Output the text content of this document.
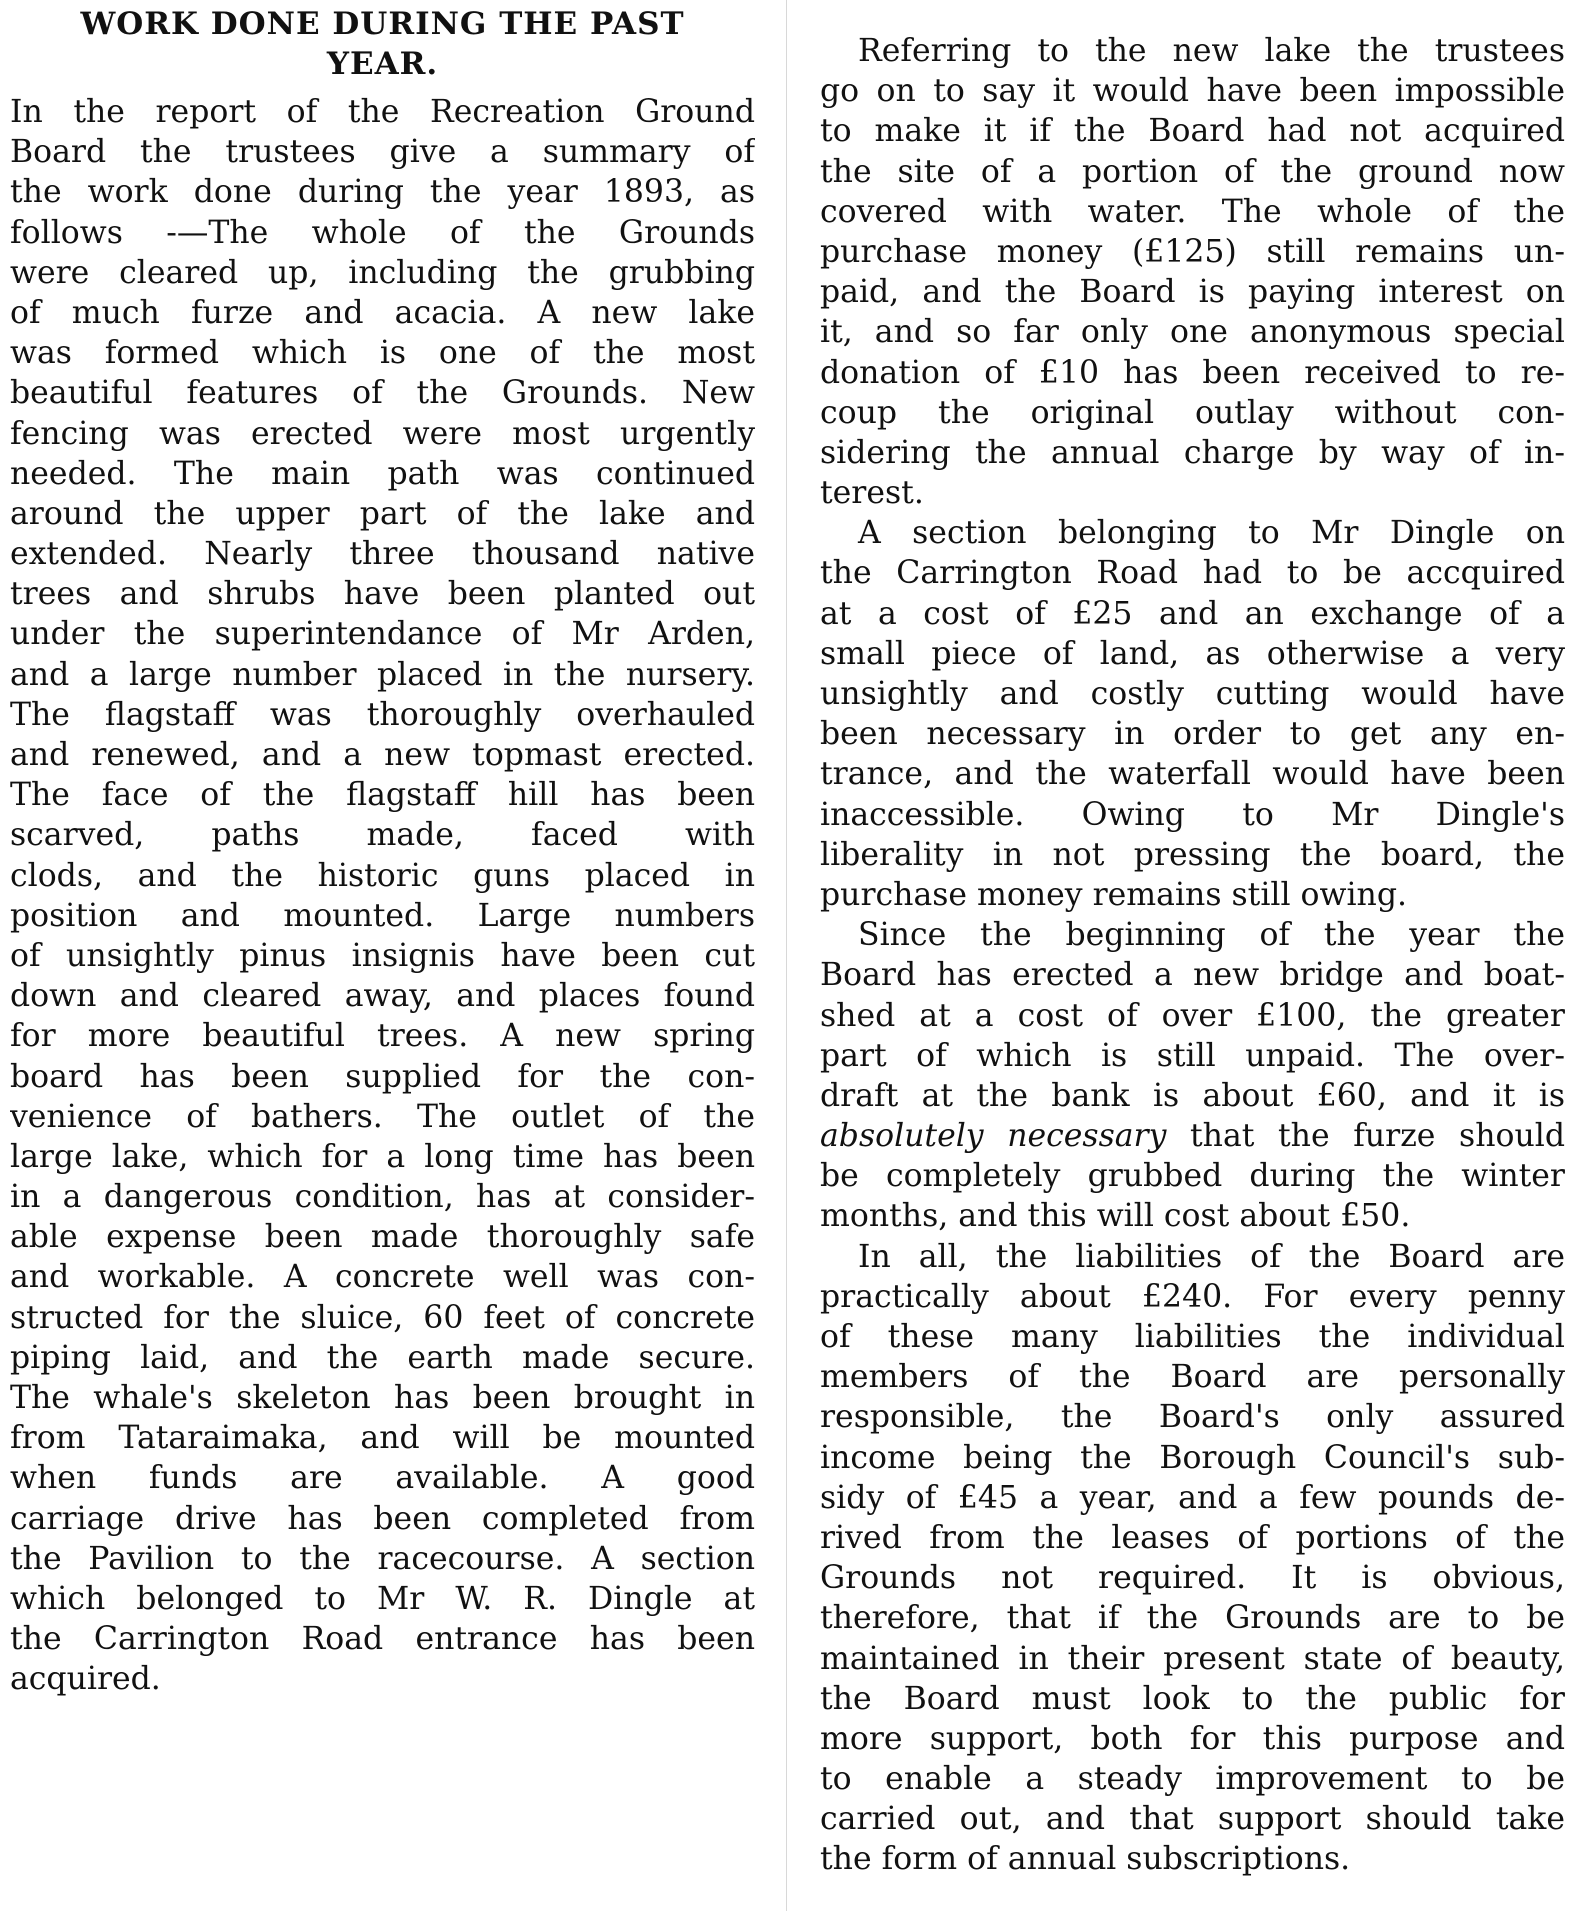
WORK DONE DURING THE PAST
YEAR.
In the report of the Recreation Ground
Board the trustees give a summary of
the work done during the year 1893, as
follows -—The whole of the Grounds
were cleared up, including the grubbing
of much furze and acacia. A new lake
was formed which is one of the most
beautiful features of the Grounds. New
fencing was erected were most urgently
needed. The main path was continued
around the upper part of the lake and
extended. Nearly three thousand native
trees and shrubs have been planted out
under the superintendance of Mr Arden,
and a large number placed in the nursery.
The flagstaff was thoroughly overhauled
and renewed, and a new topmast erected.
The face of the flagstaff hill has been
scarved, paths made, faced with
clods, and the historic guns placed in
position and mounted. Large numbers
of unsightly pinus insignis have been cut
down and cleared away, and places found
for more beautiful trees. A new spring
board has been supplied for the con-
venience of bathers. The outlet of the
large lake, which for a long time has been
in a dangerous condition, has at consider-
able expense been made thoroughly safe
and workable. A concrete well was con-
structed for the sluice, 60 feet of concrete
piping laid, and the earth made secure.
The whale's skeleton has been brought in
from Tataraimaka, and will be mounted
when funds are available. A good
carriage drive has been completed from
the Pavilion to the racecourse. A section
which belonged to Mr W. R. Dingle at
the Carrington Road entrance has been
acquired.
Referring to the new lake the trustees
go on to say it would have been impossible
to make it if the Board had not acquired
the site of a portion of the ground now
covered with water. The whole of the
purchase money (£125) still remains un-
paid, and the Board is paying interest on
it, and so far only one anonymous special
donation of £10 has been received to re-
coup the original outlay without con-
sidering the annual charge by way of in-
terest.
A section belonging to Mr Dingle on
the Carrington Road had to be accquired
at a cost of £25 and an exchange of a
small piece of land, as otherwise a very
unsightly and costly cutting would have
been necessary in order to get any en-
trance, and the waterfall would have been
inaccessible. Owing to Mr Dingle's
liberality in not pressing the board, the
purchase money remains still owing.
Since the beginning of the year the
Board has erected a new bridge and boat-
shed at a cost of over £100, the greater
part of which is still unpaid. The over-
draft at the bank is about £60, and it is
absolutely necessary that the furze should
be completely grubbed during the winter
months, and this will cost about £50.
In all, the liabilities of the Board are
practically about £240. For every penny
of these many liabilities the individual
members of the Board are personally
responsible, the Board's only assured
income being the Borough Council's sub-
sidy of £45 a year, and a few pounds de-
rived from the leases of portions of the
Grounds not required. It is obvious,
therefore, that if the Grounds are to be
maintained in their present state of beauty,
the Board must look to the public for
more support, both for this purpose and
to enable a steady improvement to be
carried out, and that support should take
the form of annual subscriptions.
